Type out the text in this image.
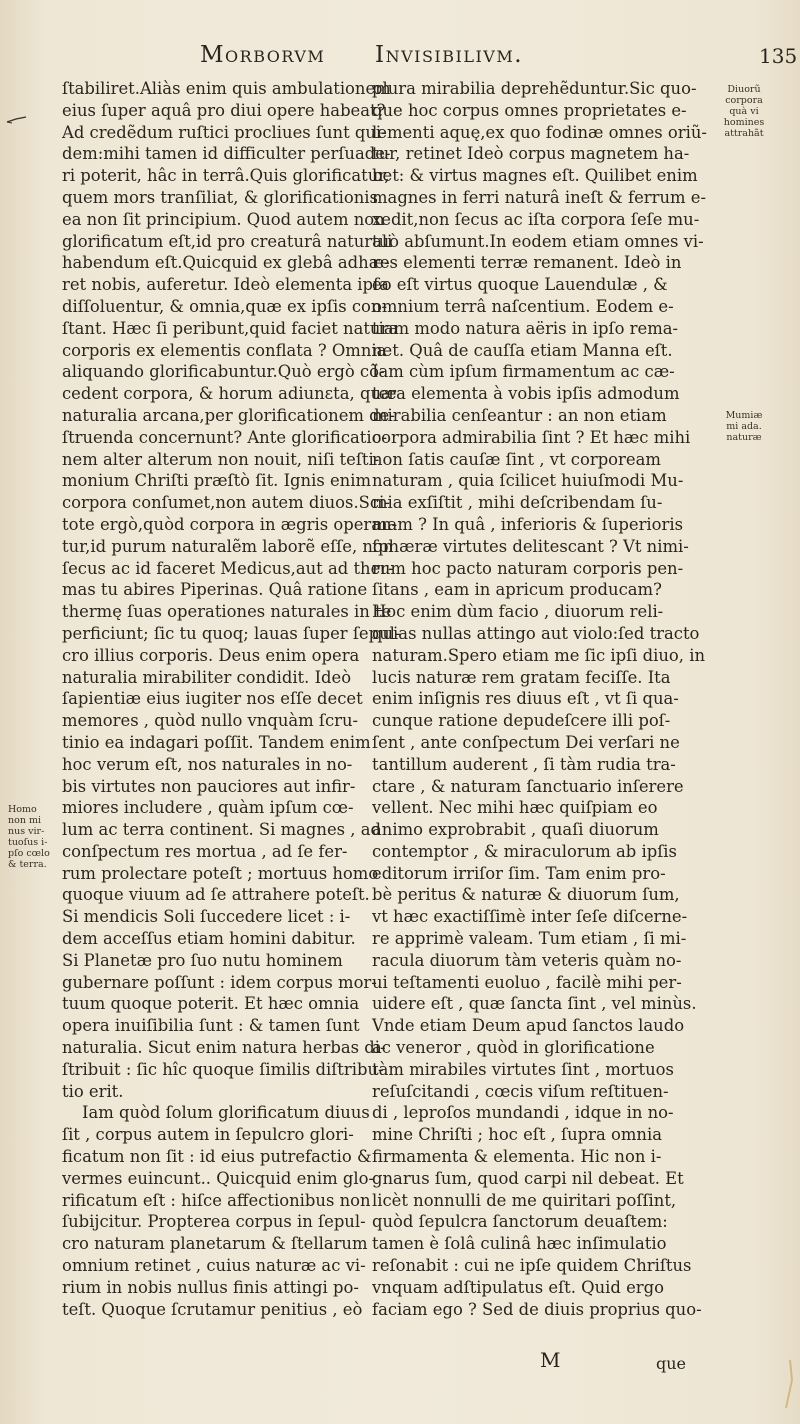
Morborvm Invisibilivm.	135
ſtabiliret.Aliàs enim quis ambulationem
eius ſuper aquâ pro diui opere habeat?
Ad credẽdum ruſtici procliues ſunt qui-
dem:mihi tamen id difficulter perſuade-
ri poterit, hâc in terrâ.Quis glorificatur,
quem mors tranſiliat, & glorificationis
ea non ſit principium. Quod autem non
glorificatum eſt,id pro creaturâ naturali
habendum eſt.Quicquid ex glebâ adhæ-
ret nobis, auferetur. Ideò elementa ipſa
diſſoluentur, & omnia,quæ ex ipſis con-
ſtant. Hæc ſi peribunt,quid faciet natura
corporis ex elementis conflata ? Omnia
aliquando glorificabuntur.Quò ergò cõ-
cedent corpora, & horum adiunɛta, quæ
naturalia arcana,per glorificationem de-
ſtruenda concernunt? Ante glorificatio-
nem alter alterum non nouit, niſi teſti-
monium Chriſti præſtò ſit. Ignis enim
corpora conſumet,non autem diuos.Sci-
tote ergò,quòd corpora in ægris operan-
tur,id purum naturalẽm laborẽ eſſe, non
ſecus ac id faceret Medicus,aut ad ther-
mas tu abires Piperinas. Quâ ratione
thermę ſuas operationes naturales in te
perficiunt; ſic tu quoq; lauas ſuper ſepul-
cro illius corporis. Deus enim opera
naturalia mirabiliter condidit. Ideò
ſapientiæ eius iugiter nos eſſe decet
memores , quòd nullo vnquàm ſcru-
tinio ea indagari poſſit. Tandem enim
hoc verum eſt, nos naturales in no-
bis virtutes non pauciores aut infir-
miores includere , quàm ipſum cœ-
lum ac terra continent. Si magnes , ad
conſpectum res mortua , ad ſe fer-
rum prolectare poteſt ; mortuus homo
quoque viuum ad ſe attrahere poteſt.
Si mendicis Soli ſuccedere licet : i-
dem acceſſus etiam homini dabitur.
Si Planetæ pro ſuo nutu hominem
gubernare poſſunt : idem corpus mor-
tuum quoque poterit. Et hæc omnia
opera inuiſibilia ſunt : & tamen ſunt
naturalia. Sicut enim natura herbas di-
ſtribuit : ſic hîc quoque ſimilis diſtribu-
tio erit.
Iam quòd ſolum glorificatum diuus
ſit , corpus autem in ſepulcro glori-
ficatum non ſit : id eius putrefactio &
vermes euincunt.. Quicquid enim glo-
rificatum eſt : hiſce affectionibus non
ſubijcitur. Propterea corpus in ſepul-
cro naturam planetarum & ſtellarum
omnium retinet , cuius naturæ ac vi-
rium in nobis nullus finis attingi po-
teſt. Quoque ſcrutamur penitius , eò
plura mirabilia deprehẽduntur.Sic quo-
que hoc corpus omnes proprietates e-
lementi aquę,ex quo fodinæ omnes oriũ-
tur, retinet Ideò corpus magnetem ha-
bet: & virtus magnes eſt. Quilibet enim
magnes in ferri naturâ ineſt & ferrum e-
xedit,non ſecus ac iſta corpora ſeſe mu-
tuò abſumunt.In eodem etiam omnes vi-
res elementi terræ remanent. Ideò in
eo eſt virtus quoque Lauendulæ , &
omnium terrâ naſcentium. Eodem e-
tiam modo natura aëris in ipſo rema-
net. Quâ de cauſſa etiam Manna eſt.
Iam cùm ipſum firmamentum ac cæ-
tera elementa à vobis ipſis admodum
mirabilia cenſeantur : an non etiam
corpora admirabilia ſint ? Et hæc mihi
non ſatis cauſæ ſint , vt corpoream
naturam , quia ſcilicet huiuſmodi Mu-
mia exſiſtit , mihi deſcribendam ſu-
mam ? In quâ , inferioris & ſuperioris
ſphæræ virtutes delitescant ? Vt nimi-
rum hoc pacto naturam corporis pen-
ſitans , eam in apricum producam?
Hoc enim dùm facio , diuorum reli-
quias nullas attingo aut violo:ſed tracto
naturam.Spero etiam me ſic ipſi diuo, in
lucis naturæ rem gratam feciſſe. Ita
enim inſignis res diuus eſt , vt ſi qua-
cunque ratione depudeſcere illi poſ-
ſent , ante conſpectum Dei verſari ne
tantillum auderent , ſi tàm rudia tra-
ctare , & naturam ſanctuario inſerere
vellent. Nec mihi hæc quiſpiam eo
animo exprobrabit , quaſi diuorum
contemptor , & miraculorum ab ipſis
editorum irriſor ſim. Tam enim pro-
bè peritus & naturæ & diuorum ſum,
vt hæc exactiſſimè inter ſeſe diſcerne-
re apprimè valeam. Tum etiam , ſi mi-
racula diuorum tàm veteris quàm no-
ui teſtamenti euoluo , facilè mihi per-
uidere eſt , quæ ſancta ſint , vel minùs.
Vnde etiam Deum apud ſanctos laudo
ac veneror , quòd in glorificatione
tàm mirabiles virtutes ſint , mortuos
reſuſcitandi , cœcis viſum reſtituen-
di , leproſos mundandi , idque in no-
mine Chriſti ; hoc eſt , ſupra omnia
firmamenta & elementa. Hic non i-
gnarus ſum, quod carpi nil debeat. Et
licèt nonnulli de me quiritari poſſint,
quòd ſepulcra ſanctorum deuaſtem:
tamen è ſolâ culinâ hæc inſimulatio
reſonabit : cui ne ipſe quidem Chriſtus
vnquam adſtipulatus eſt. Quid ergo
faciam ego ? Sed de diuis proprius quo-
Homo
non mi
nus vir-
tuoſus i-
pſo cœlo
& terra.
Diuorũ
corpora
quà vi
homines
attrahãt
Mumiæ
mi ada.
naturæ
M	que
